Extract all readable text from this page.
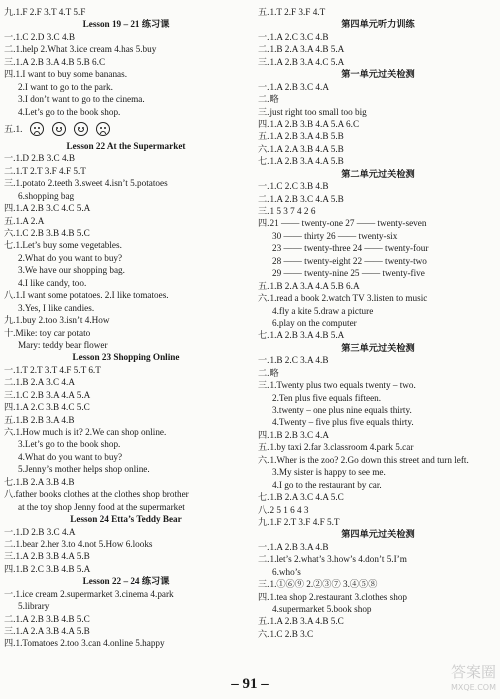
九.1.F 2.F 3.T 4.T 5.F
Lesson 19 – 21 练习课
一.1.C 2.D 3.C 4.B
二.1.help 2.What 3.ice cream 4.has 5.buy
三.1.A 2.B 3.A 4.B 5.B 6.C
四.1.I want to buy some bananas.
2.I want to go to the park.
3.I don’t want to go to the cinema.
4.Let’s go to the book shop.
五.1.
Lesson 22 At the Supermarket
一.1.D 2.B 3.C 4.B
二.1.T 2.T 3.F 4.F 5.T
三.1.potato 2.teeth 3.sweet 4.isn’t 5.potatoes
6.shopping bag
四.1.A 2.B 3.C 4.C 5.A
五.1.A 2.A
六.1.C 2.B 3.B 4.B 5.C
七.1.Let’s buy some vegetables.
2.What do you want to buy?
3.We have our shopping bag.
4.I like candy, too.
八.1.I want some potatoes. 2.I like tomatoes.
3.Yes, I like candies.
九.1.buy 2.too 3.isn’t 4.How
十.Mike: toy car potato
Mary: teddy bear flower
Lesson 23 Shopping Online
一.1.T 2.T 3.T 4.F 5.T 6.T
二.1.B 2.A 3.C 4.A
三.1.C 2.B 3.A 4.A 5.A
四.1.A 2.C 3.B 4.C 5.C
五.1.B 2.B 3.A 4.B
六.1.How much is it? 2.We can shop online.
3.Let’s go to the book shop.
4.What do you want to buy?
5.Jenny’s mother helps shop online.
七.1.B 2.A 3.B 4.B
八.father books clothes at the clothes shop brother
at the toy shop Jenny food at the supermarket
Lesson 24 Etta’s Teddy Bear
一.1.D 2.B 3.C 4.A
二.1.bear 2.her 3.to 4.not 5.How 6.looks
三.1.A 2.B 3.B 4.A 5.B
四.1.B 2.C 3.B 4.B 5.A
Lesson 22 – 24 练习课
一.1.ice cream 2.supermarket 3.cinema 4.park
5.library
二.1.A 2.B 3.B 4.B 5.C
三.1.A 2.A 3.B 4.A 5.B
四.1.Tomatoes 2.too 3.can 4.online 5.happy
五.1.T 2.F 3.F 4.T
第四单元听力训练
一.1.A 2.C 3.C 4.B
二.1.B 2.A 3.A 4.B 5.A
三.1.A 2.B 3.A 4.C 5.A
第一单元过关检测
一.1.A 2.B 3.C 4.A
二.略
三.just right too small too big
四.1.A 2.B 3.B 4.A 5.A 6.C
五.1.A 2.B 3.A 4.B 5.B
六.1.A 2.A 3.B 4.A 5.B
七.1.A 2.B 3.A 4.A 5.B
第二单元过关检测
一.1.C 2.C 3.B 4.B
二.1.A 2.B 3.C 4.A 5.B
三.1 5 3 7 4 2 6
四.21 —— twenty-one 27 —— twenty-seven
30 —— thirty 26 —— twenty-six
23 —— twenty-three 24 —— twenty-four
28 —— twenty-eight 22 —— twenty-two
29 —— twenty-nine 25 —— twenty-five
五.1.B 2.A 3.A 4.A 5.B 6.A
六.1.read a book 2.watch TV 3.listen to music
4.fly a kite 5.draw a picture
6.play on the computer
七.1.A 2.B 3.A 4.B 5.A
第三单元过关检测
一.1.B 2.C 3.A 4.B
二.略
三.1.Twenty plus two equals twenty – two.
2.Ten plus five equals fifteen.
3.twenty – one plus nine equals thirty.
4.Twenty – five plus five equals thirty.
四.1.B 2.B 3.C 4.A
五.1.by taxi 2.far 3.classroom 4.park 5.car
六.1.Wher is the zoo? 2.Go down this street and turn left.
3.My sister is happy to see me.
4.I go to the restaurant by car.
七.1.B 2.A 3.C 4.A 5.C
八.2 5 1 6 4 3
九.1.F 2.T 3.F 4.F 5.T
第四单元过关检测
一.1.A 2.B 3.A 4.B
二.1.let’s 2.what’s 3.how’s 4.don’t 5.I’m
6.who’s
三.1.①⑥⑨ 2.②③⑦ 3.④⑤⑧
四.1.tea shop 2.restaurant 3.clothes shop
4.supermarket 5.book shop
五.1.A 2.B 3.A 4.B 5.C
六.1.C 2.B 3.C
– 91 –
答案圈
MXQE.COM
